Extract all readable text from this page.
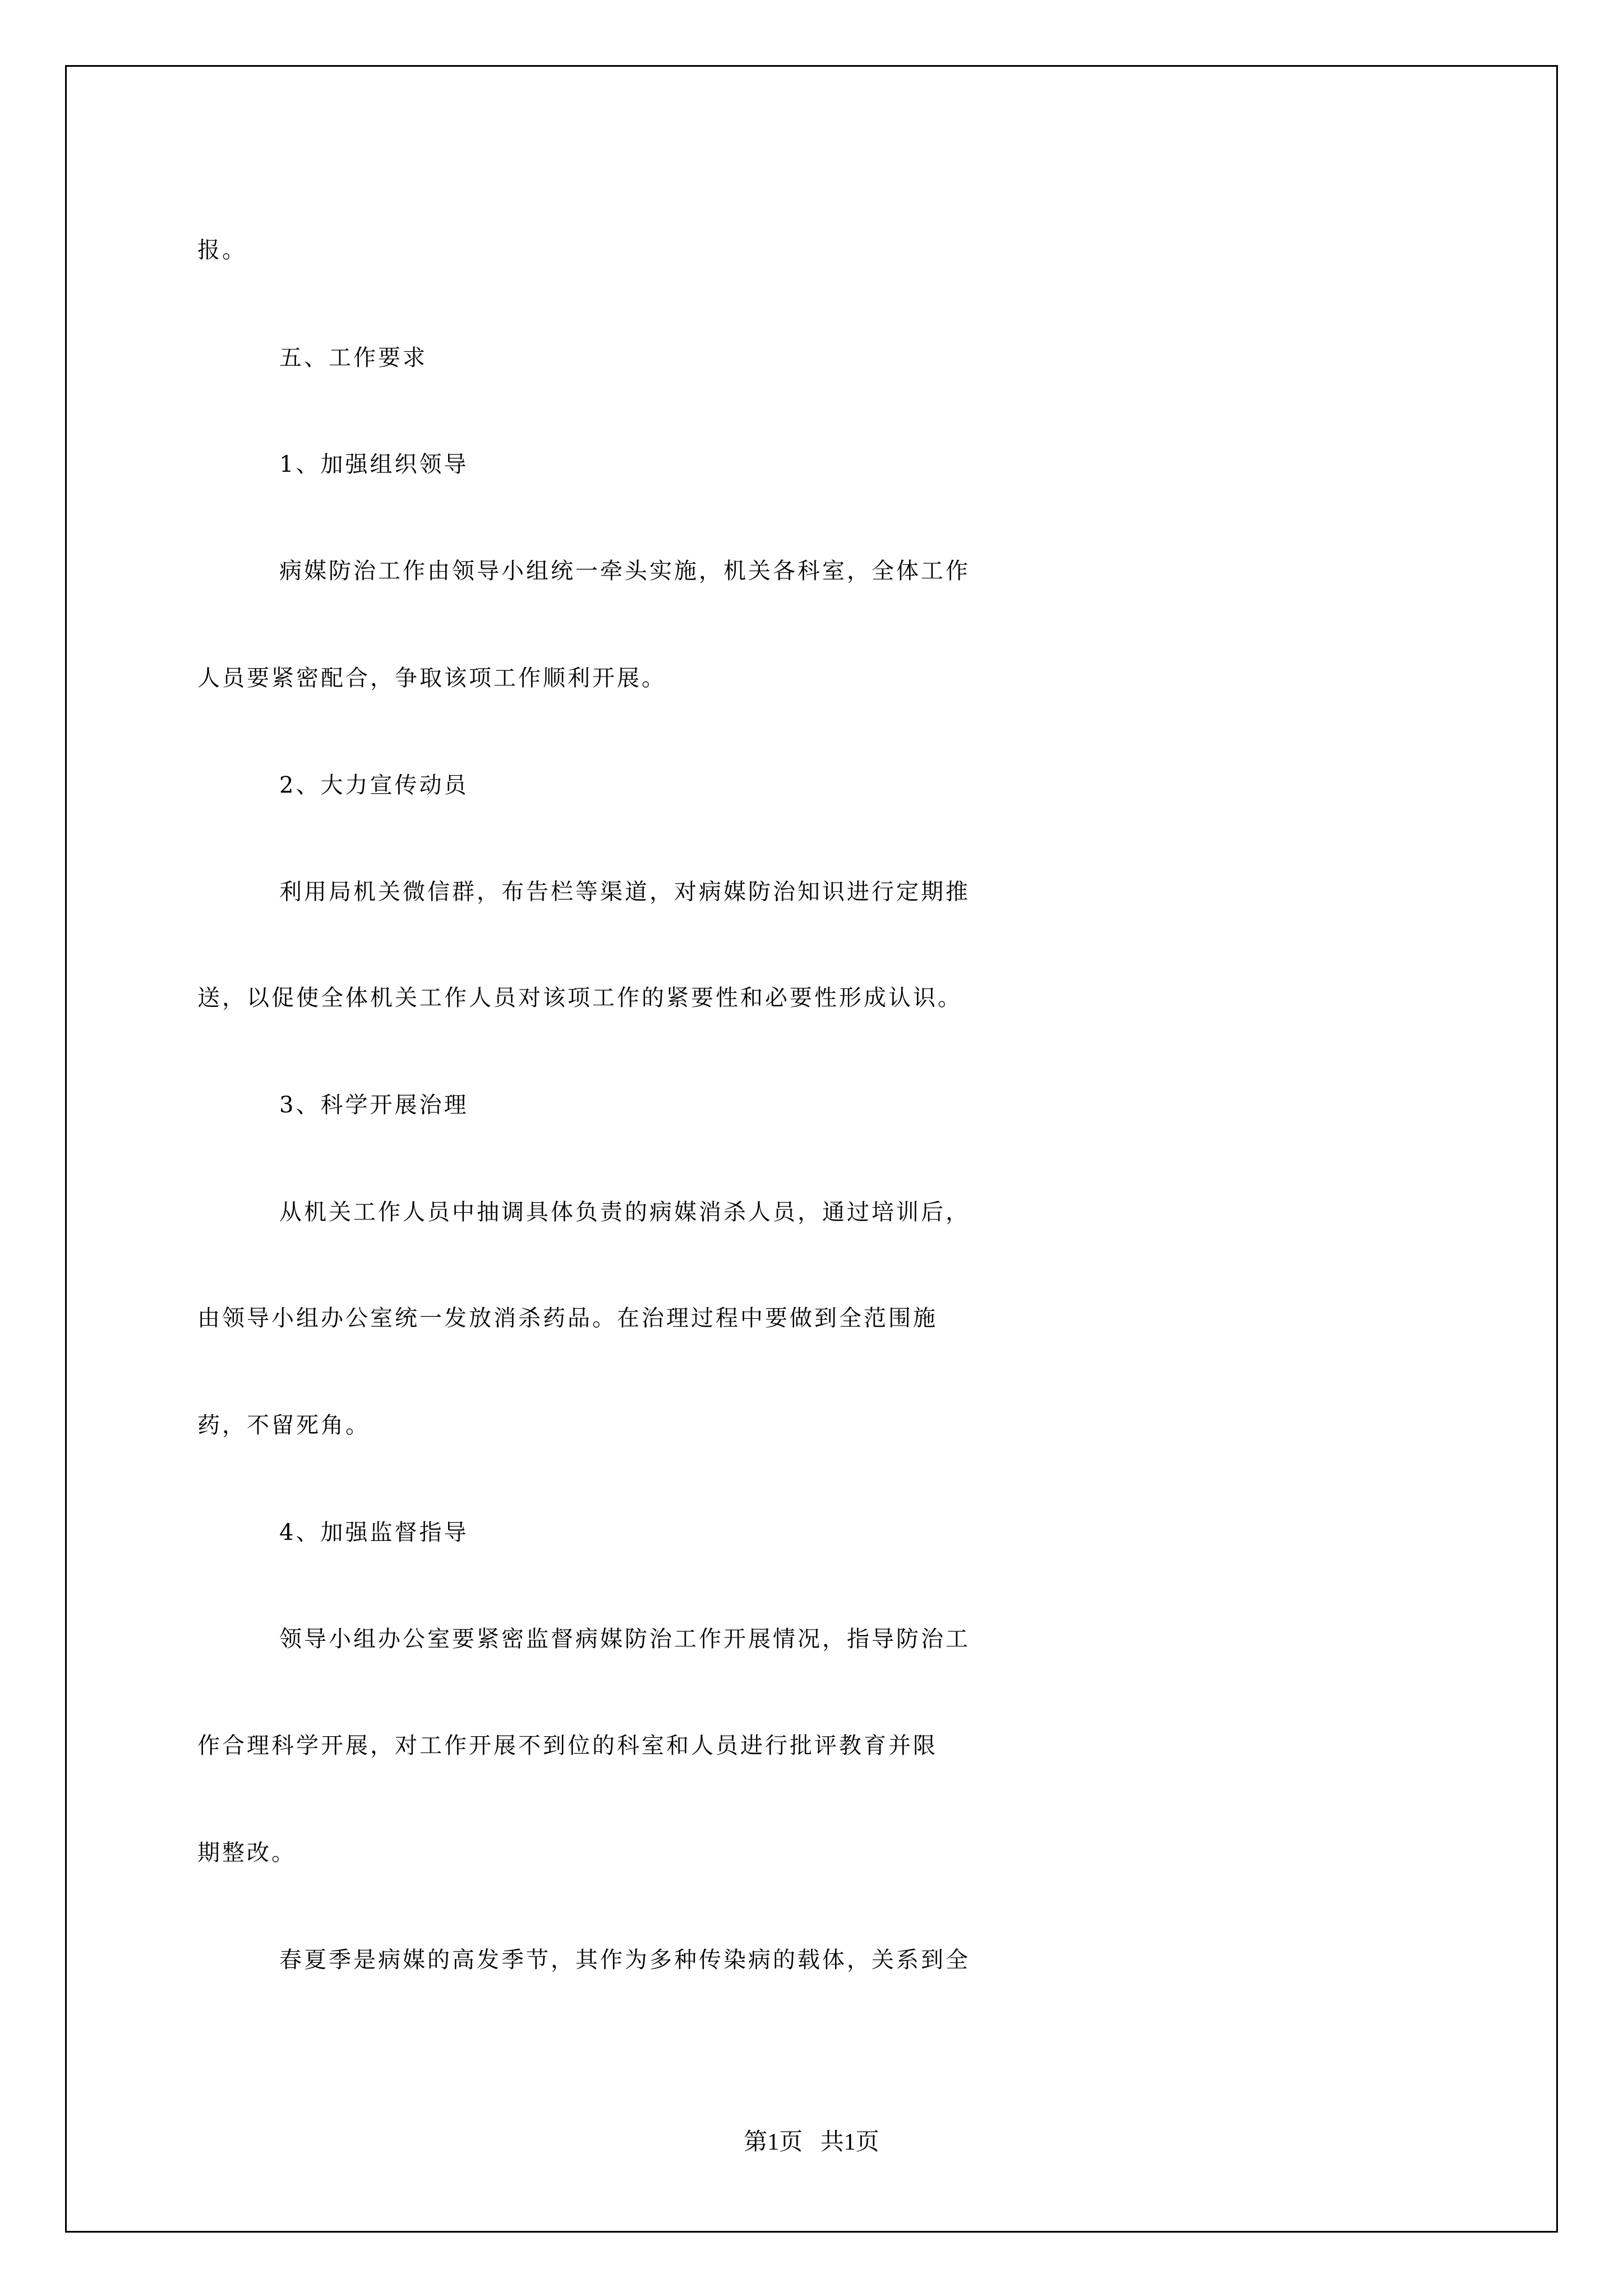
报。
五、工作要求
1、加强组织领导
病媒防治工作由领导小组统一牵头实施，机关各科室，全体工作
人员要紧密配合，争取该项工作顺利开展。
2、大力宣传动员
利用局机关微信群，布告栏等渠道，对病媒防治知识进行定期推
送，以促使全体机关工作人员对该项工作的紧要性和必要性形成认识。
3、科学开展治理
从机关工作人员中抽调具体负责的病媒消杀人员，通过培训后，
由领导小组办公室统一发放消杀药品。在治理过程中要做到全范围施
药，不留死角。
4、加强监督指导
领导小组办公室要紧密监督病媒防治工作开展情况，指导防治工
作合理科学开展，对工作开展不到位的科室和人员进行批评教育并限
期整改。
春夏季是病媒的高发季节，其作为多种传染病的载体，关系到全
第1页   共1页
